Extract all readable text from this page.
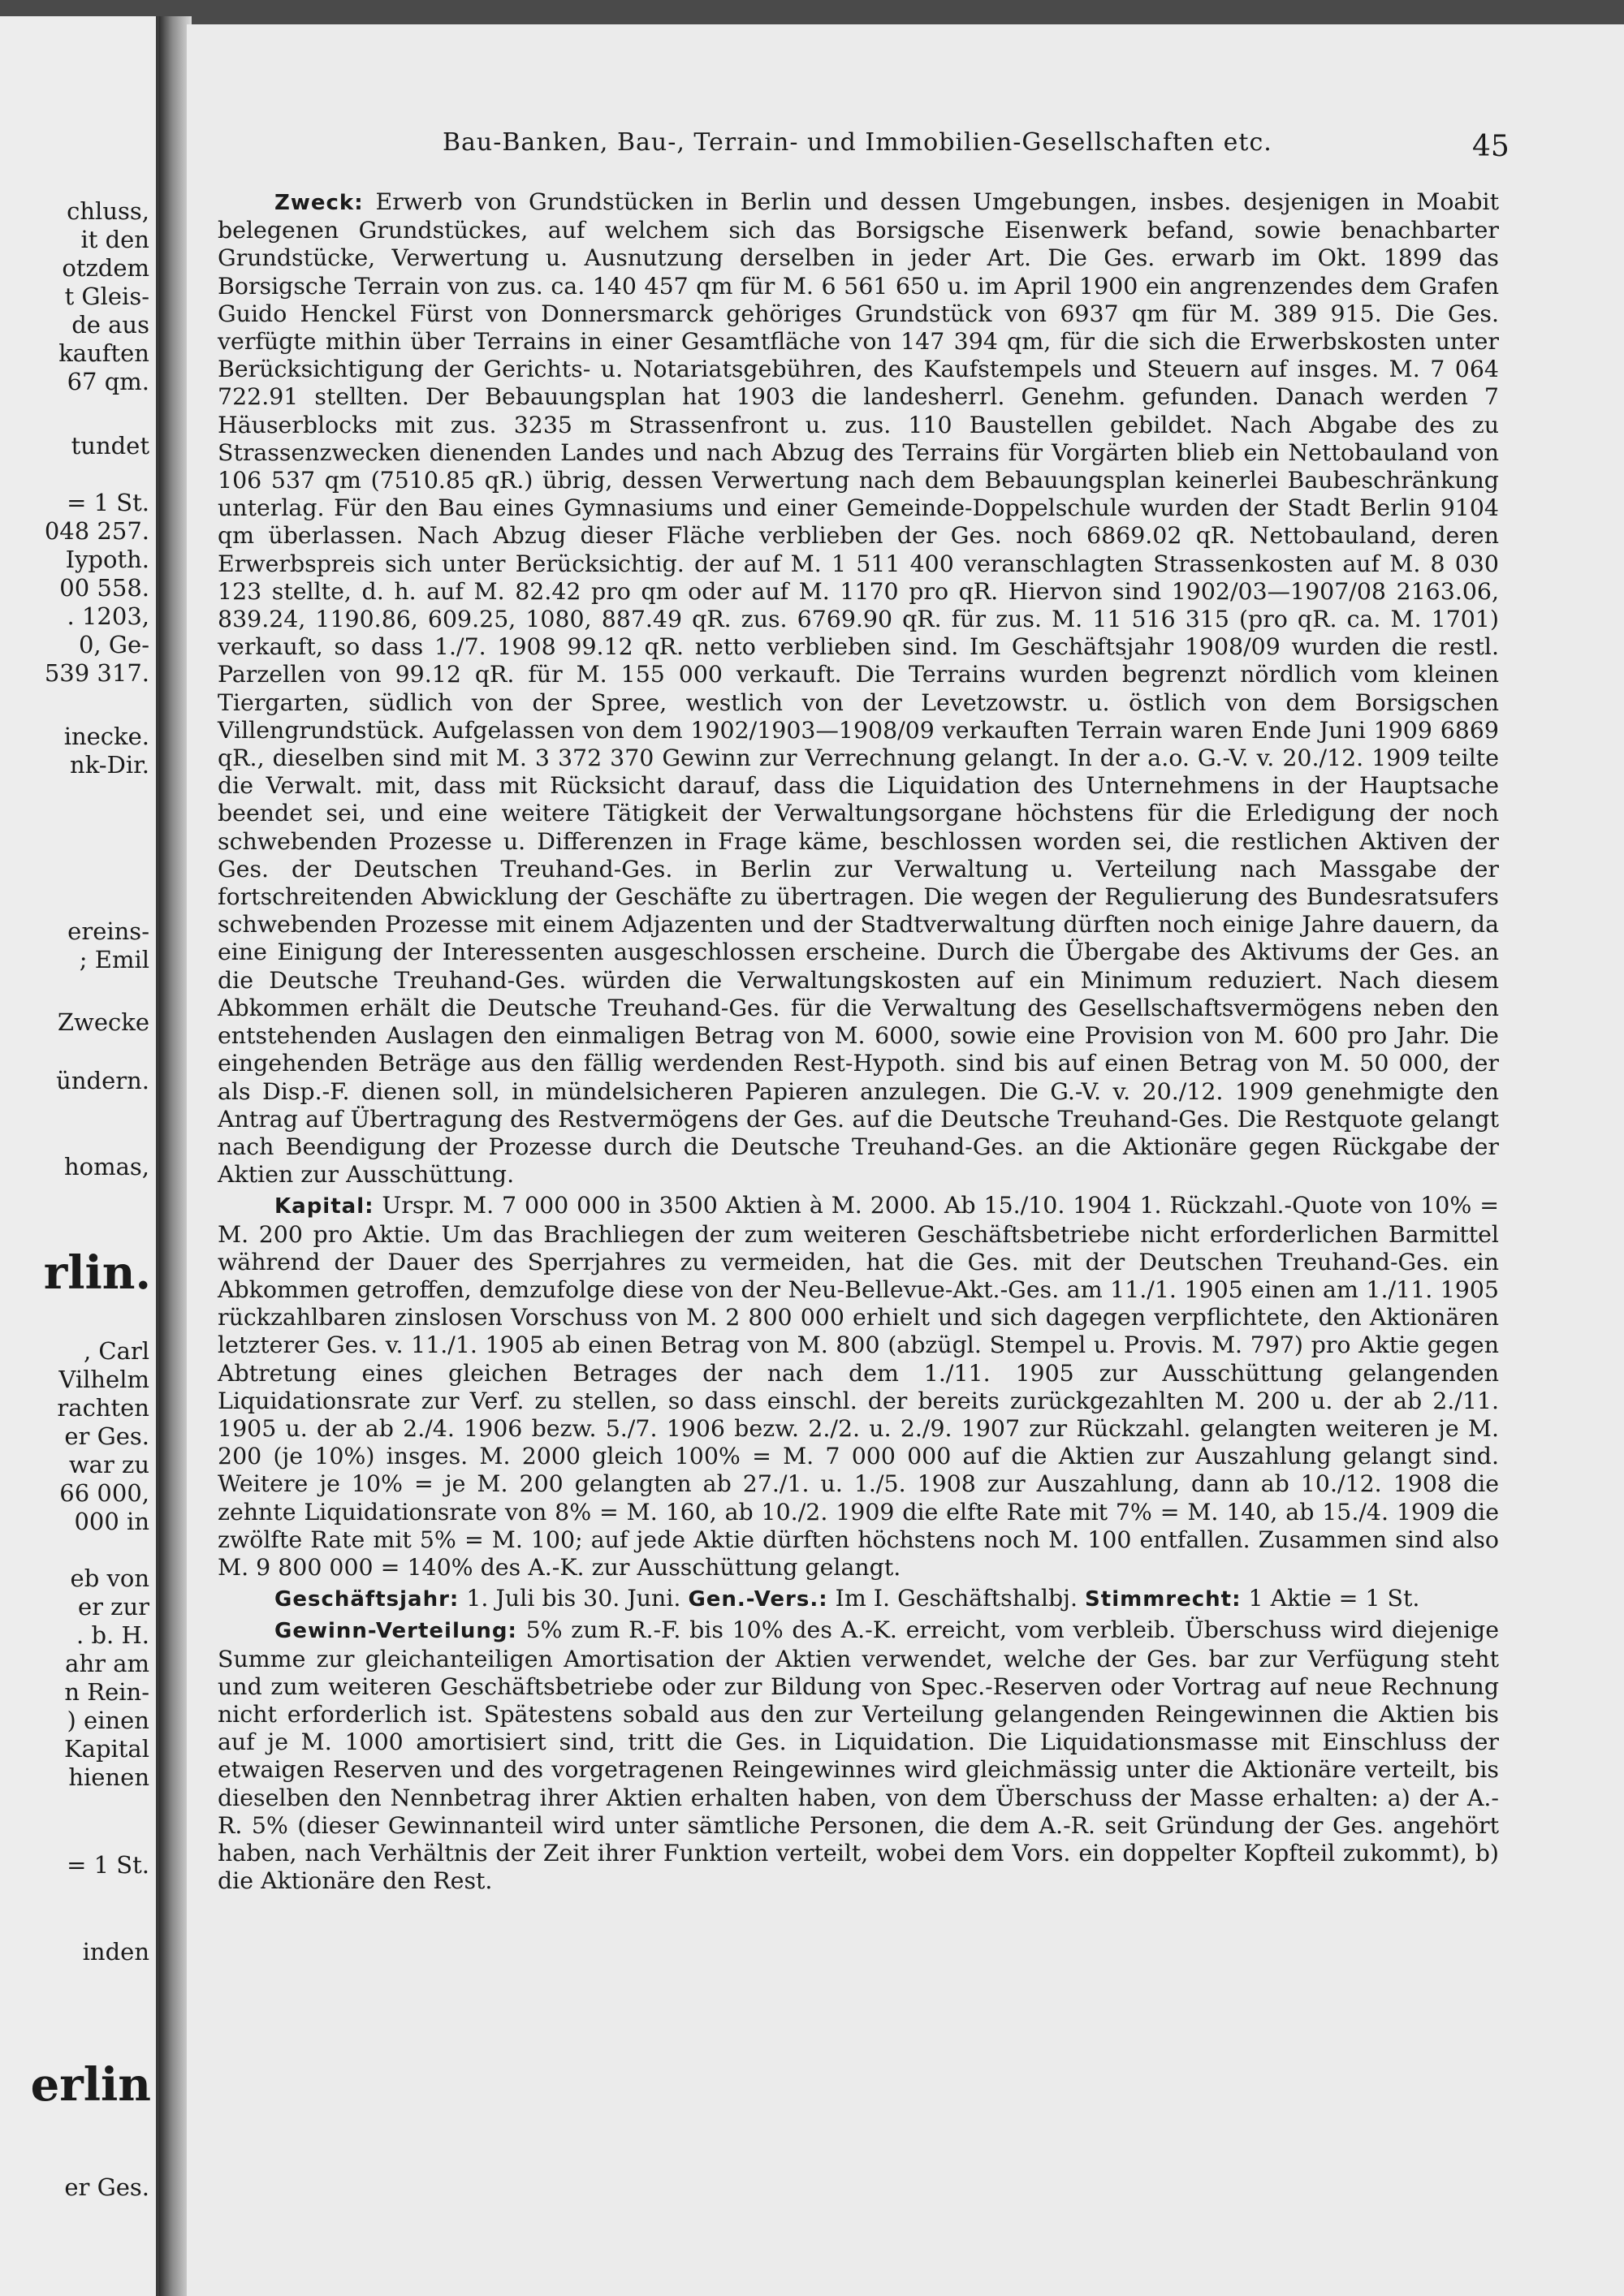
chluss,
it den
otzdem
t Gleis-
de aus
kauften
67 qm.
tundet
= 1 St.
048 257.
Iypoth.
00 558.
. 1203,
0, Ge-
539 317.
inecke.
nk-Dir.
ereins-
; Emil
Zwecke
ündern.
homas,
rlin.
, Carl
Vilhelm
rachten
er Ges.
war zu
66 000,
000 in
eb von
er zur
. b. H.
ahr am
n Rein-
) einen
Kapital
hienen
= 1 St.
inden
erlin
er Ges.
Bau-Banken, Bau-, Terrain- und Immobilien-Gesellschaften etc.	45

Zweck: Erwerb von Grundstücken in Berlin und dessen Umgebungen, insbes. desjenigen in Moabit belegenen Grundstückes, auf welchem sich das Borsigsche Eisenwerk befand, sowie benachbarter Grundstücke, Verwertung u. Ausnutzung derselben in jeder Art. Die Ges. erwarb im Okt. 1899 das Borsigsche Terrain von zus. ca. 140 457 qm für M. 6 561 650 u. im April 1900 ein angrenzendes dem Grafen Guido Henckel Fürst von Donnersmarck gehöriges Grundstück von 6937 qm für M. 389 915. Die Ges. verfügte mithin über Terrains in einer Gesamtfläche von 147 394 qm, für die sich die Erwerbskosten unter Berücksichtigung der Gerichts- u. Notariatsgebühren, des Kaufstempels und Steuern auf insges. M. 7 064 722.91 stellten. Der Bebauungsplan hat 1903 die landesherrl. Genehm. gefunden. Danach werden 7 Häuserblocks mit zus. 3235 m Strassenfront u. zus. 110 Baustellen gebildet. Nach Abgabe des zu Strassenzwecken dienenden Landes und nach Abzug des Terrains für Vorgärten blieb ein Nettobauland von 106 537 qm (7510.85 qR.) übrig, dessen Verwertung nach dem Bebauungsplan keinerlei Baubeschränkung unterlag. Für den Bau eines Gymnasiums und einer Gemeinde-Doppelschule wurden der Stadt Berlin 9104 qm überlassen. Nach Abzug dieser Fläche verblieben der Ges. noch 6869.02 qR. Nettobauland, deren Erwerbspreis sich unter Berücksichtig. der auf M. 1 511 400 veranschlagten Strassenkosten auf M. 8 030 123 stellte, d. h. auf M. 82.42 pro qm oder auf M. 1170 pro qR. Hiervon sind 1902/03—1907/08 2163.06, 839.24, 1190.86, 609.25, 1080, 887.49 qR. zus. 6769.90 qR. für zus. M. 11 516 315 (pro qR. ca. M. 1701) verkauft, so dass 1./7. 1908 99.12 qR. netto verblieben sind. Im Geschäftsjahr 1908/09 wurden die restl. Parzellen von 99.12 qR. für M. 155 000 verkauft. Die Terrains wurden begrenzt nördlich vom kleinen Tiergarten, südlich von der Spree, westlich von der Levetzowstr. u. östlich von dem Borsigschen Villengrundstück. Aufgelassen von dem 1902/1903—1908/09 verkauften Terrain waren Ende Juni 1909 6869 qR., dieselben sind mit M. 3 372 370 Gewinn zur Verrechnung gelangt. In der a.o. G.-V. v. 20./12. 1909 teilte die Verwalt. mit, dass mit Rücksicht darauf, dass die Liquidation des Unternehmens in der Hauptsache beendet sei, und eine weitere Tätigkeit der Verwaltungsorgane höchstens für die Erledigung der noch schwebenden Prozesse u. Differenzen in Frage käme, beschlossen worden sei, die restlichen Aktiven der Ges. der Deutschen Treuhand-Ges. in Berlin zur Verwaltung u. Verteilung nach Massgabe der fortschreitenden Abwicklung der Geschäfte zu übertragen. Die wegen der Regulierung des Bundesratsufers schwebenden Prozesse mit einem Adjazenten und der Stadtverwaltung dürften noch einige Jahre dauern, da eine Einigung der Interessenten ausgeschlossen erscheine. Durch die Übergabe des Aktivums der Ges. an die Deutsche Treuhand-Ges. würden die Verwaltungskosten auf ein Minimum reduziert. Nach diesem Abkommen erhält die Deutsche Treuhand-Ges. für die Verwaltung des Gesellschaftsvermögens neben den entstehenden Auslagen den einmaligen Betrag von M. 6000, sowie eine Provision von M. 600 pro Jahr. Die eingehenden Beträge aus den fällig werdenden Rest-Hypoth. sind bis auf einen Betrag von M. 50 000, der als Disp.-F. dienen soll, in mündelsicheren Papieren anzulegen. Die G.-V. v. 20./12. 1909 genehmigte den Antrag auf Übertragung des Restvermögens der Ges. auf die Deutsche Treuhand-Ges. Die Restquote gelangt nach Beendigung der Prozesse durch die Deutsche Treuhand-Ges. an die Aktionäre gegen Rückgabe der Aktien zur Ausschüttung.

Kapital: Urspr. M. 7 000 000 in 3500 Aktien à M. 2000. Ab 15./10. 1904 1. Rückzahl.-Quote von 10% = M. 200 pro Aktie. Um das Brachliegen der zum weiteren Geschäftsbetriebe nicht erforderlichen Barmittel während der Dauer des Sperrjahres zu vermeiden, hat die Ges. mit der Deutschen Treuhand-Ges. ein Abkommen getroffen, demzufolge diese von der Neu-Bellevue-Akt.-Ges. am 11./1. 1905 einen am 1./11. 1905 rückzahlbaren zinslosen Vorschuss von M. 2 800 000 erhielt und sich dagegen verpflichtete, den Aktionären letzterer Ges. v. 11./1. 1905 ab einen Betrag von M. 800 (abzügl. Stempel u. Provis. M. 797) pro Aktie gegen Abtretung eines gleichen Betrages der nach dem 1./11. 1905 zur Ausschüttung gelangenden Liquidationsrate zur Verf. zu stellen, so dass einschl. der bereits zurückgezahlten M. 200 u. der ab 2./11. 1905 u. der ab 2./4. 1906 bezw. 5./7. 1906 bezw. 2./2. u. 2./9. 1907 zur Rückzahl. gelangten weiteren je M. 200 (je 10%) insges. M. 2000 gleich 100% = M. 7 000 000 auf die Aktien zur Auszahlung gelangt sind. Weitere je 10% = je M. 200 gelangten ab 27./1. u. 1./5. 1908 zur Auszahlung, dann ab 10./12. 1908 die zehnte Liquidationsrate von 8% = M. 160, ab 10./2. 1909 die elfte Rate mit 7% = M. 140, ab 15./4. 1909 die zwölfte Rate mit 5% = M. 100; auf jede Aktie dürften höchstens noch M. 100 entfallen. Zusammen sind also M. 9 800 000 = 140% des A.-K. zur Ausschüttung gelangt.

Geschäftsjahr: 1. Juli bis 30. Juni. Gen.-Vers.: Im I. Geschäftshalbj. Stimmrecht: 1 Aktie = 1 St.

Gewinn-Verteilung: 5% zum R.-F. bis 10% des A.-K. erreicht, vom verbleib. Überschuss wird diejenige Summe zur gleichanteiligen Amortisation der Aktien verwendet, welche der Ges. bar zur Verfügung steht und zum weiteren Geschäftsbetriebe oder zur Bildung von Spec.-Reserven oder Vortrag auf neue Rechnung nicht erforderlich ist. Spätestens sobald aus den zur Verteilung gelangenden Reingewinnen die Aktien bis auf je M. 1000 amortisiert sind, tritt die Ges. in Liquidation. Die Liquidationsmasse mit Einschluss der etwaigen Reserven und des vorgetragenen Reingewinnes wird gleichmässig unter die Aktionäre verteilt, bis dieselben den Nennbetrag ihrer Aktien erhalten haben, von dem Überschuss der Masse erhalten: a) der A.-R. 5% (dieser Gewinnanteil wird unter sämtliche Personen, die dem A.-R. seit Gründung der Ges. angehört haben, nach Verhältnis der Zeit ihrer Funktion verteilt, wobei dem Vors. ein doppelter Kopfteil zukommt), b) die Aktionäre den Rest.
